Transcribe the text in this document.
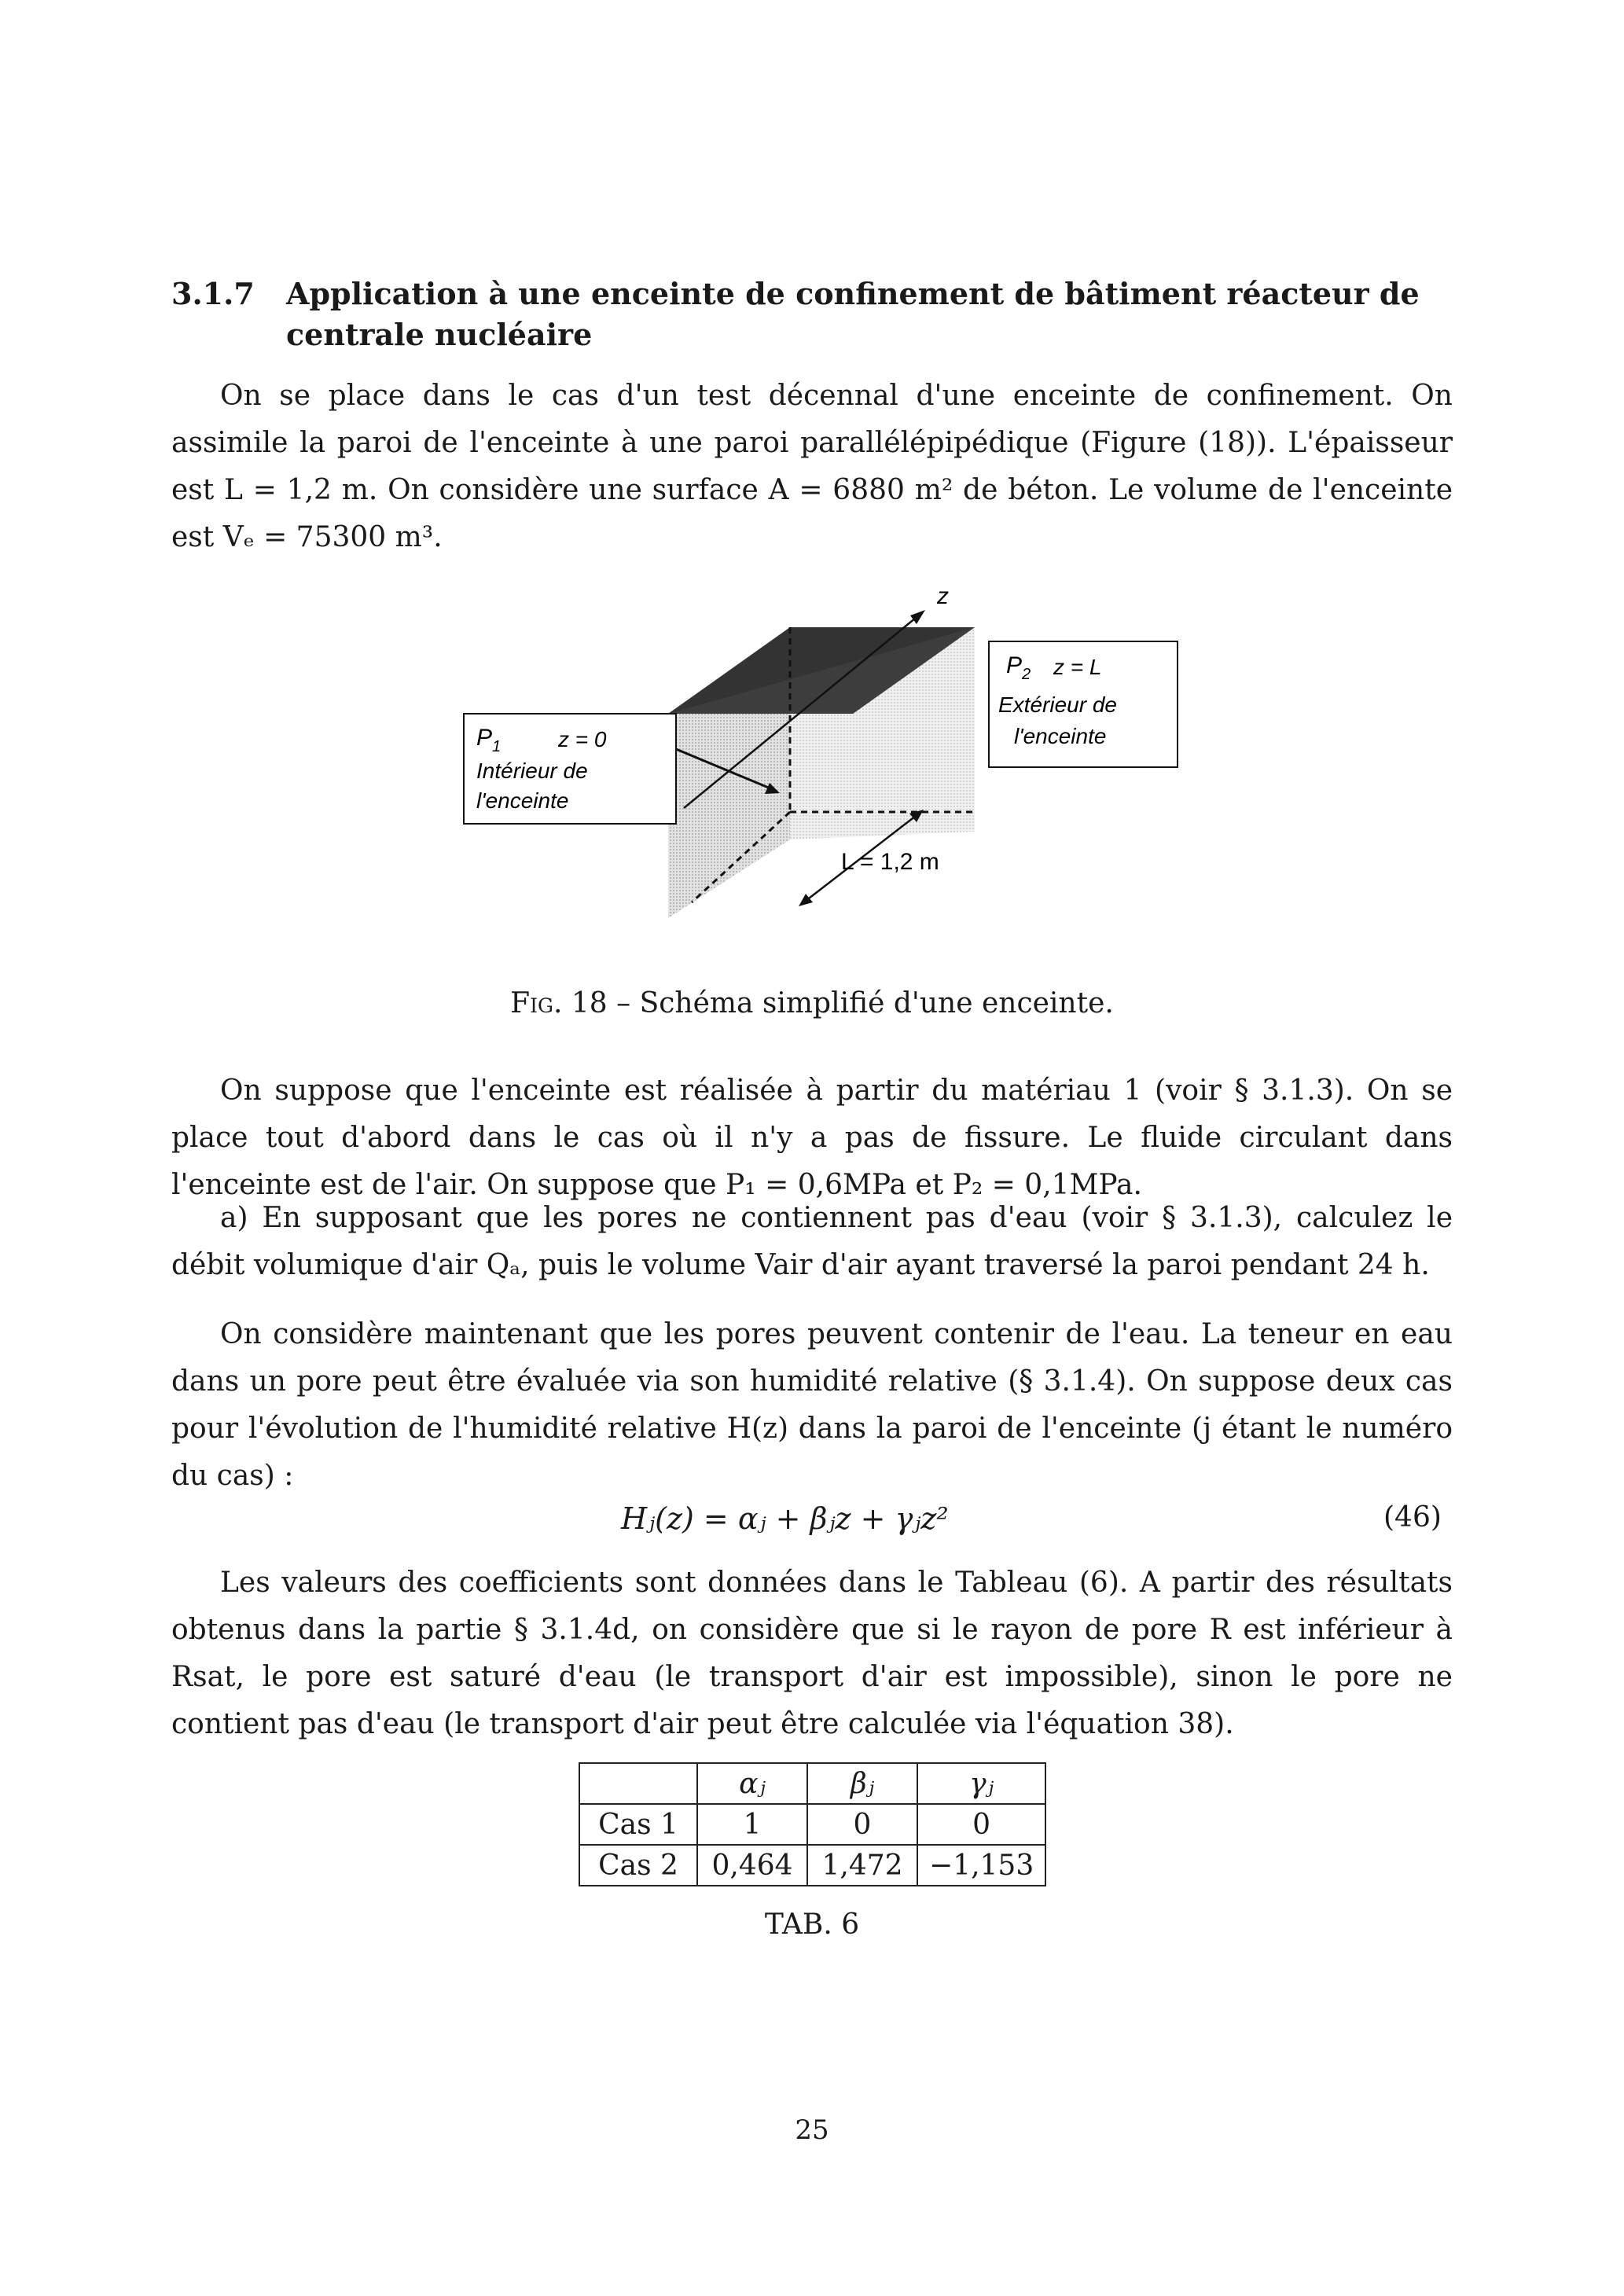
3.1.7 Application à une enceinte de confinement de bâtiment réacteur de
centrale nucléaire
On se place dans le cas d'un test décennal d'une enceinte de confinement. On assimile la paroi de l'enceinte à une paroi parallélépipédique (Figure (18)). L'épaisseur est L = 1,2 m. On considère une surface A = 6880 m² de béton. Le volume de l'enceinte est Vₑ = 75300 m³.
z
L = 1,2 m
$P_1$	z = 0
Intérieur de
l'enceinte
$P_2$ z = L
Extérieur de
l'enceinte
Fig. 18 – Schéma simplifié d'une enceinte.
On suppose que l'enceinte est réalisée à partir du matériau 1 (voir § 3.1.3). On se place tout d'abord dans le cas où il n'y a pas de fissure. Le fluide circulant dans l'enceinte est de l'air. On suppose que P₁ = 0,6MPa et P₂ = 0,1MPa.
a) En supposant que les pores ne contiennent pas d'eau (voir § 3.1.3), calculez le débit volumique d'air Qₐ, puis le volume Vair d'air ayant traversé la paroi pendant 24 h.
On considère maintenant que les pores peuvent contenir de l'eau. La teneur en eau dans un pore peut être évaluée via son humidité relative (§ 3.1.4). On suppose deux cas pour l'évolution de l'humidité relative H(z) dans la paroi de l'enceinte (j étant le numéro du cas) :
Hⱼ(z) = αⱼ + βⱼz + γⱼz²	(46)
Les valeurs des coefficients sont données dans le Tableau (6). A partir des résultats obtenus dans la partie § 3.1.4d, on considère que si le rayon de pore R est inférieur à Rsat, le pore est saturé d'eau (le transport d'air est impossible), sinon le pore ne contient pas d'eau (le transport d'air peut être calculée via l'équation 38).
	αⱼ	βⱼ	γⱼ
Cas 1	1	0	0
Cas 2	0,464	1,472	−1,153
TAB. 6
25
